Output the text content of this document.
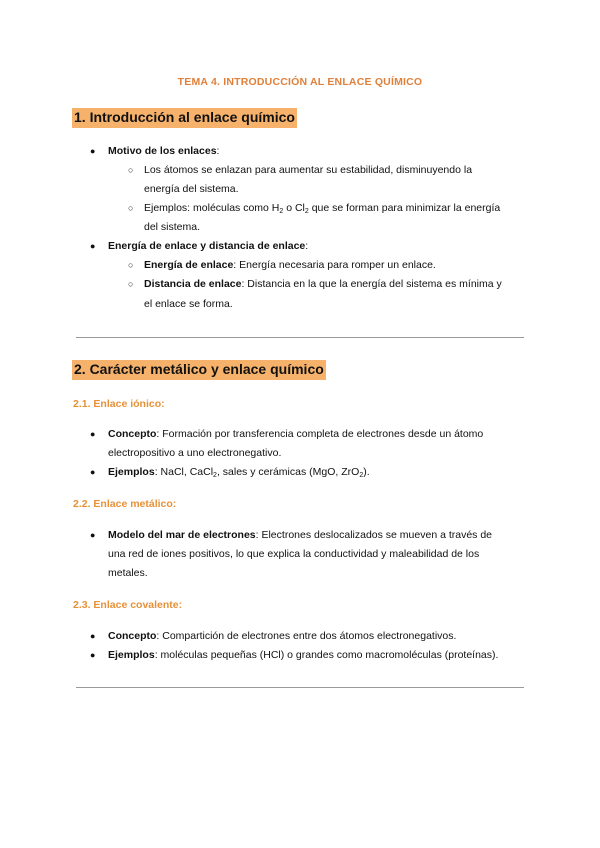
TEMA 4. INTRODUCCIÓN AL ENLACE QUÍMICO
1. Introducción al enlace químico
● Motivo de los enlaces:
○ Los átomos se enlazan para aumentar su estabilidad, disminuyendo la
energía del sistema.
○ Ejemplos: moléculas como $H_2$ o $Cl_2$ que se forman para minimizar la energía
del sistema.
● Energía de enlace y distancia de enlace:
○ Energía de enlace: Energía necesaria para romper un enlace.
○ Distancia de enlace: Distancia en la que la energía del sistema es mínima y
el enlace se forma.
2. Carácter metálico y enlace químico
2.1. Enlace iónico:
● Concepto: Formación por transferencia completa de electrones desde un átomo
electropositivo a uno electronegativo.
● Ejemplos: NaCl, CaCl$_2$, sales y cerámicas (MgO, ZrO$_2$).
2.2. Enlace metálico:
● Modelo del mar de electrones: Electrones deslocalizados se mueven a través de
una red de iones positivos, lo que explica la conductividad y maleabilidad de los
metales.
2.3. Enlace covalente:
● Concepto: Compartición de electrones entre dos átomos electronegativos.
● Ejemplos: moléculas pequeñas (HCl) o grandes como macromoléculas (proteínas).
